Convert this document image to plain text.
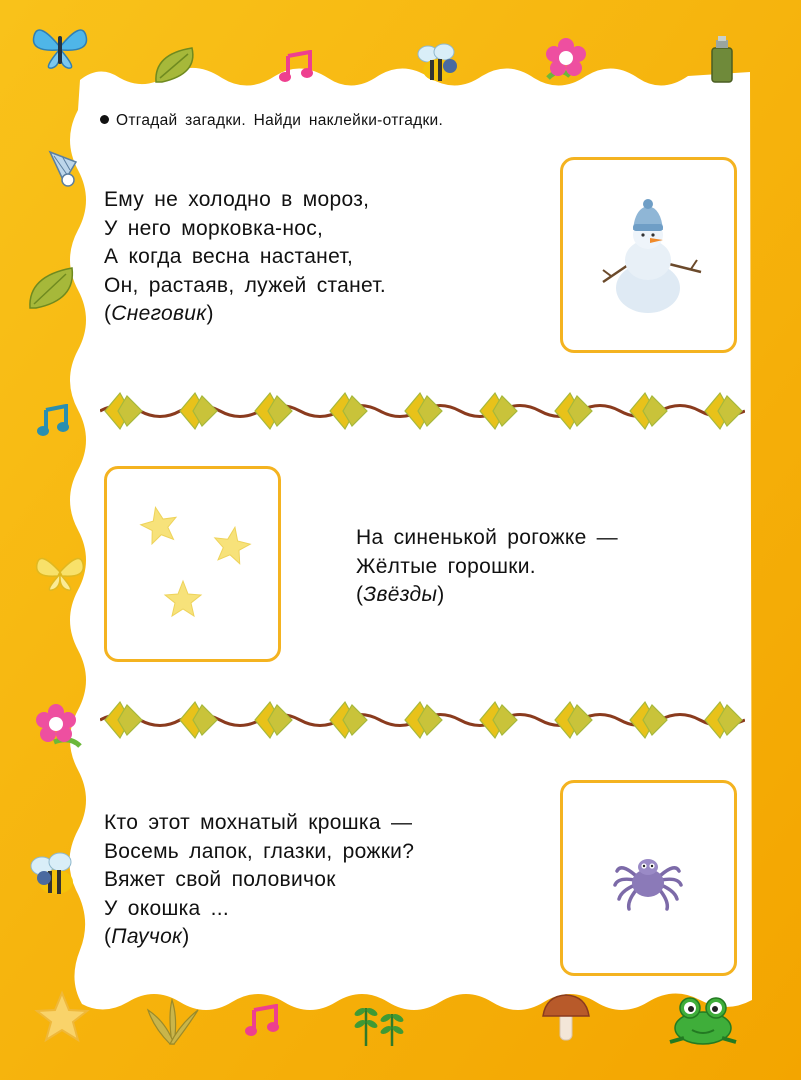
Отгадай загадки. Найди наклейки-отгадки.
Ему не холодно в мороз,
У него морковка-нос,
А когда весна настанет,
Он, растаяв, лужей станет.
(Снеговик)
На синенькой рогожке —
Жёлтые горошки.
(Звёзды)
Кто этот мохнатый крошка —
Восемь лапок, глазки, рожки?
Вяжет свой половичок
У окошка ...
(Паучок)
